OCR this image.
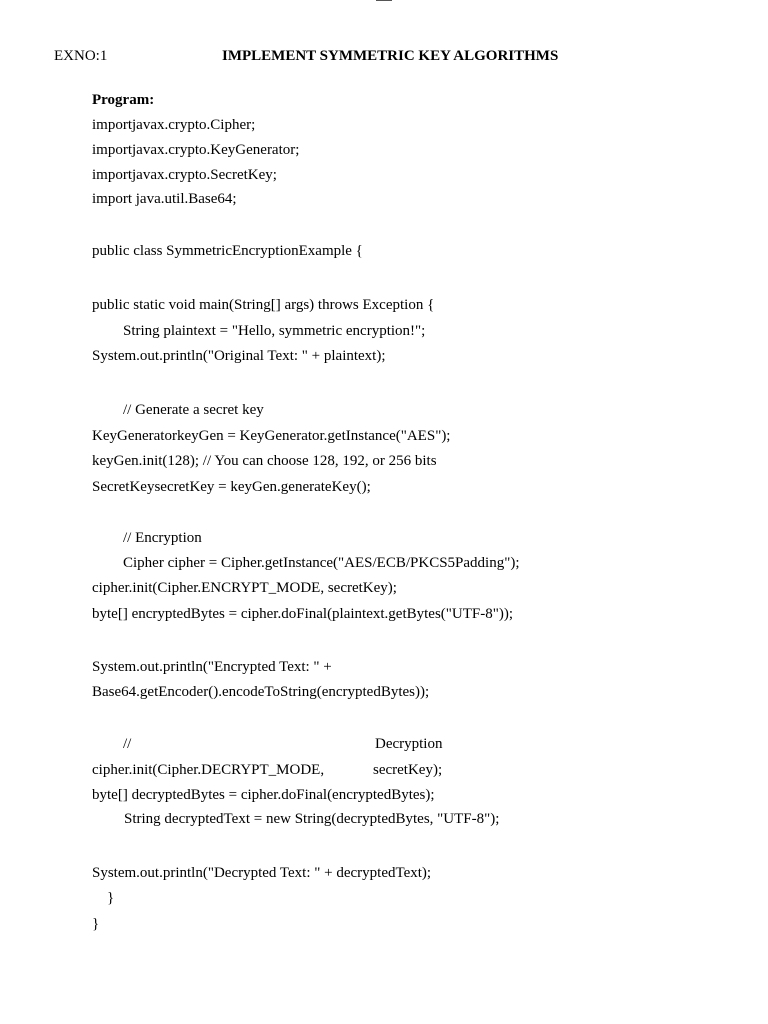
EXNO:1	IMPLEMENT SYMMETRIC KEY ALGORITHMS
Program:
importjavax.crypto.Cipher;
importjavax.crypto.KeyGenerator;
importjavax.crypto.SecretKey;
import java.util.Base64;
public class SymmetricEncryptionExample {
public static void main(String[] args) throws Exception {
String plaintext = "Hello, symmetric encryption!";
System.out.println("Original Text: " + plaintext);
// Generate a secret key
KeyGeneratorkeyGen = KeyGenerator.getInstance("AES");
keyGen.init(128); // You can choose 128, 192, or 256 bits
SecretKeysecretKey = keyGen.generateKey();
// Encryption
Cipher cipher = Cipher.getInstance("AES/ECB/PKCS5Padding");
cipher.init(Cipher.ENCRYPT_MODE, secretKey);
byte[] encryptedBytes = cipher.doFinal(plaintext.getBytes("UTF-8"));
System.out.println("Encrypted Text: " +
Base64.getEncoder().encodeToString(encryptedBytes));
//	Decryption
cipher.init(Cipher.DECRYPT_MODE,	secretKey);
byte[] decryptedBytes = cipher.doFinal(encryptedBytes);
String decryptedText = new String(decryptedBytes, "UTF-8");
System.out.println("Decrypted Text: " + decryptedText);
}
}
